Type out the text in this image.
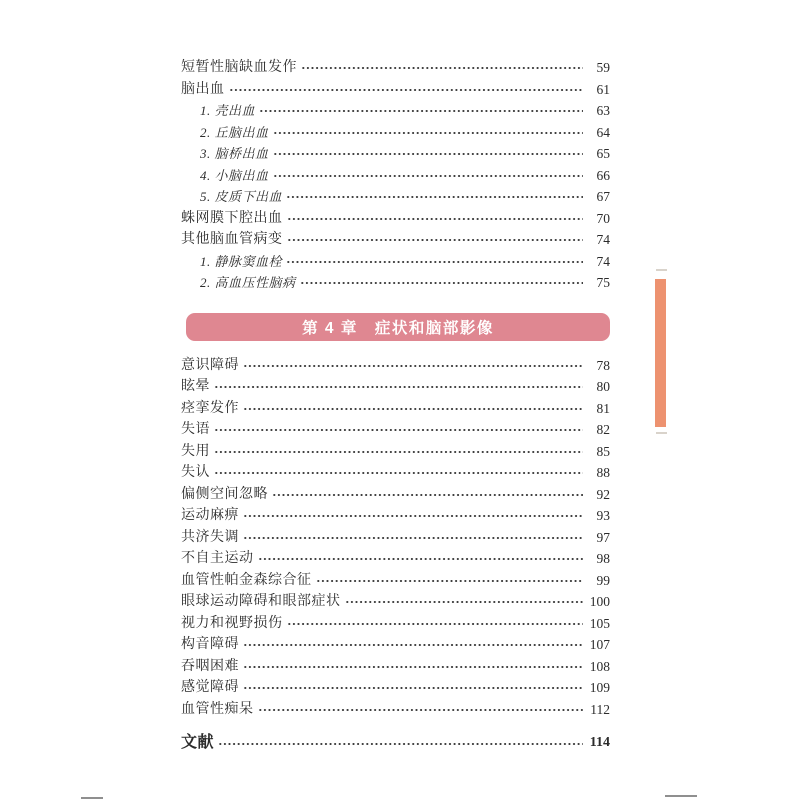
短暂性脑缺血发作	59
脑出血	61
1. 壳出血	63
2. 丘脑出血	64
3. 脑桥出血	65
4. 小脑出血	66
5. 皮质下出血	67
蛛网膜下腔出血	70
其他脑血管病变	74
1. 静脉窦血栓	74
2. 高血压性脑病	75
第 4 章　症状和脑部影像
意识障碍	78
眩晕	80
痉挛发作	81
失语	82
失用	85
失认	88
偏侧空间忽略	92
运动麻痹	93
共济失调	97
不自主运动	98
血管性帕金森综合征	99
眼球运动障碍和眼部症状	100
视力和视野损伤	105
构音障碍	107
吞咽困难	108
感觉障碍	109
血管性痴呆	112
文献	114
